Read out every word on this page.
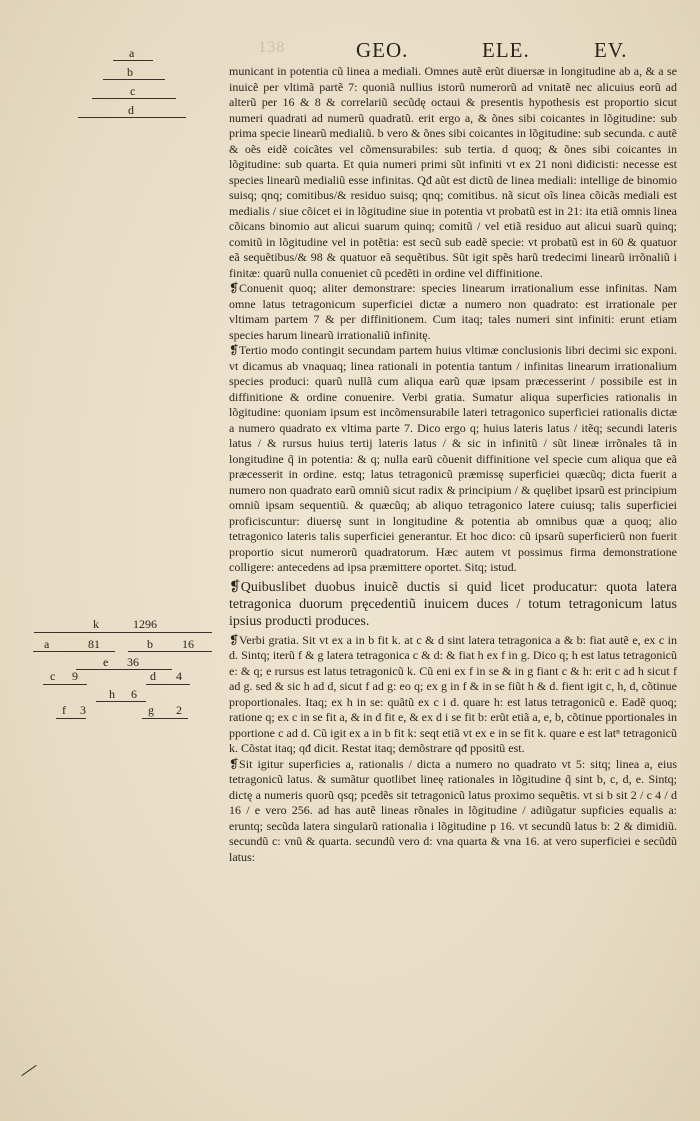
138	GEO.	ELE.	EV.
a
b
c
d
k	1296
a	81	b 16
e 36
c 9	d 4
h 6
f 3	g 2

municant in potentia cũ linea a mediali. Omnes autẽ erũt diuersæ in longitudine ab a, & a se inuicẽ per vltimã partẽ 7: quoniã nullius istorũ numerorũ ad vnitatẽ nec alicuius eorũ ad alterũ per 16 & 8 & correlariũ secũdę octaui & presentis hypothesis est proportio sicut numeri quadrati ad numerũ quadratũ. erit ergo a, & õnes sibi coicantes in lõgitudine: sub prima specie linearũ medialiũ. b vero & õnes sibi coicantes in lõgitudine: sub secunda. c autẽ & oẽs eidẽ coicãtes vel cõmensurabiles: sub tertia. d quoq; & õnes sibi coicantes in lõgitudine: sub quarta. Et quia numeri primi sũt infiniti vt ex 21 noni didicisti: necesse est species linearũ medialiũ esse infinitas. Qđ aũt est dictũ de linea mediali: intellige de binomio suisq; qnq; comitibus/& residuo suisq; qnq; comitibus. nã sicut oĩs linea cõicãs mediali est medialis / siue cõicet ei in lõgitudine siue in potentia vt probatũ est in 21: ita etiã omnis linea cõicans binomio aut alicui suarum quinq; comitũ / vel etiã residuo aut alicui suarũ quinq; comitũ in lõgitudine vel in potẽtia: est secũ sub eadẽ specie: vt probatũ est in 60 & quatuor eã sequẽtibus/& 98 & quatuor eã sequẽtibus. Sũt igit spẽs harũ tredecimi linearũ irrõnaliũ i finitæ: quarũ nulla conueniet cũ pcedẽti in ordine vel diffinitione.

❡Conuenit quoq; aliter demonstrare: species linearum irrationalium esse infinitas. Nam omne latus tetragonicum superficiei dictæ a numero non quadrato: est irrationale per vltimam partem 7 & per diffinitionem. Cum itaq; tales numeri sint infiniti: erunt etiam species harum linearũ irrationaliũ infinitę.

❡Tertio modo contingit secundam partem huius vltimæ conclusionis libri decimi sic exponi. vt dicamus ab vnaquaq; linea rationali in potentia tantum / infinitas linearum irrationalium species produci: quarũ nullã cum aliqua earũ quæ ipsam præcesserint / possibile est in diffinitione & ordine conuenire. Verbi gratia. Sumatur aliqua superficies rationalis in lõgitudine: quoniam ipsum est incõmensurabile lateri tetragonico superficiei rationalis dictæ a numero quadrato ex vltima parte 7. Dico ergo q; huius lateris latus / itẽq; secundi lateris latus / & rursus huius tertij lateris latus / & sic in infinitũ / sũt lineæ irrõnales tã in longitudine q̃ in potentia: & q; nulla earũ cõuenit diffinitione vel specie cum aliqua que eã præcesserit in ordine. estq; latus tetragonicũ præmissę superficiei quæcũq; dicta fuerit a numero non quadrato earũ omniũ sicut radix & principium / & quęlibet ipsarũ est principium omniũ ipsam sequentiũ. & quæcũq; ab aliquo tetragonico latere cuiusq; talis superficiei proficiscuntur: diuersę sunt in longitudine & potentia ab omnibus quæ a quoq; alio tetragonico lateris talis superficiei generantur. Et hoc dico: cũ ipsarũ superficierũ non fuerit proportio sicut numerorũ quadratorum. Hæc autem vt possimus firma demonstratione colligere: antecedens ad ipsa præmittere oportet. Sitq; istud.

❡Quibuslibet duobus inuicẽ ductis si quid licet producatur: quota latera tetragonica duorum pręcedentiũ inuicem duces / totum tetragonicum latus ipsius producti produces.

❡Verbi gratia. Sit vt ex a in b fit k. at c & d sint latera tetragonica a & b: fiat autẽ e, ex c in d. Sintq; iterũ f & g latera tetragonica c & d: & fiat h ex f in g. Dico q; h est latus tetragonicũ e: & q; e rursus est latus tetragonicũ k. Cũ eni ex f in se & in g fiant c & h: erit c ad h sicut f ad g. sed & sic h ad d, sicut f ad g: eo q; ex g in f & in se fiũt h & d. fient igit c, h, d, cõtinue proportionales. Itaq; ex h in se: quãtũ ex c i d. quare h: est latus tetragonicũ e. Eadẽ quoq; ratione q; ex c in se fit a, & in d fit e, & ex d i se fit b: erũt etiã a, e, b, cõtinue pportionales in pportione c ad d. Cũ igit ex a in b fit k: seqt etiã vt ex e in se fit k. quare e est latⁿ tetragonicũ k. Cõstat itaq; qđ dicit. Restat itaq; demõstrare qđ ppositũ est.

❡Sit igitur superficies a, rationalis / dicta a numero no quadrato vt 5: sitq; linea a, eius tetragonicũ latus. & sumãtur quotlibet lineę rationales in lõgitudine q̃ sint b, c, d, e. Sintq; dictę a numeris quorũ qsq; pcedẽs sit tetragonicũ latus proximo sequẽtis. vt si b sit 2 / c 4 / d 16 / e vero 256. ad has autẽ lineas rõnales in lõgitudine / adiũgatur supficies equalis a: eruntq; secũda latera singularũ rationalia i lõgitudine p 16. vt secundũ latus b: 2 & dimidiũ. secundũ c: vnũ & quarta. secundũ vero d: vna quarta & vna 16. at vero superficiei e secũdũ latus:
